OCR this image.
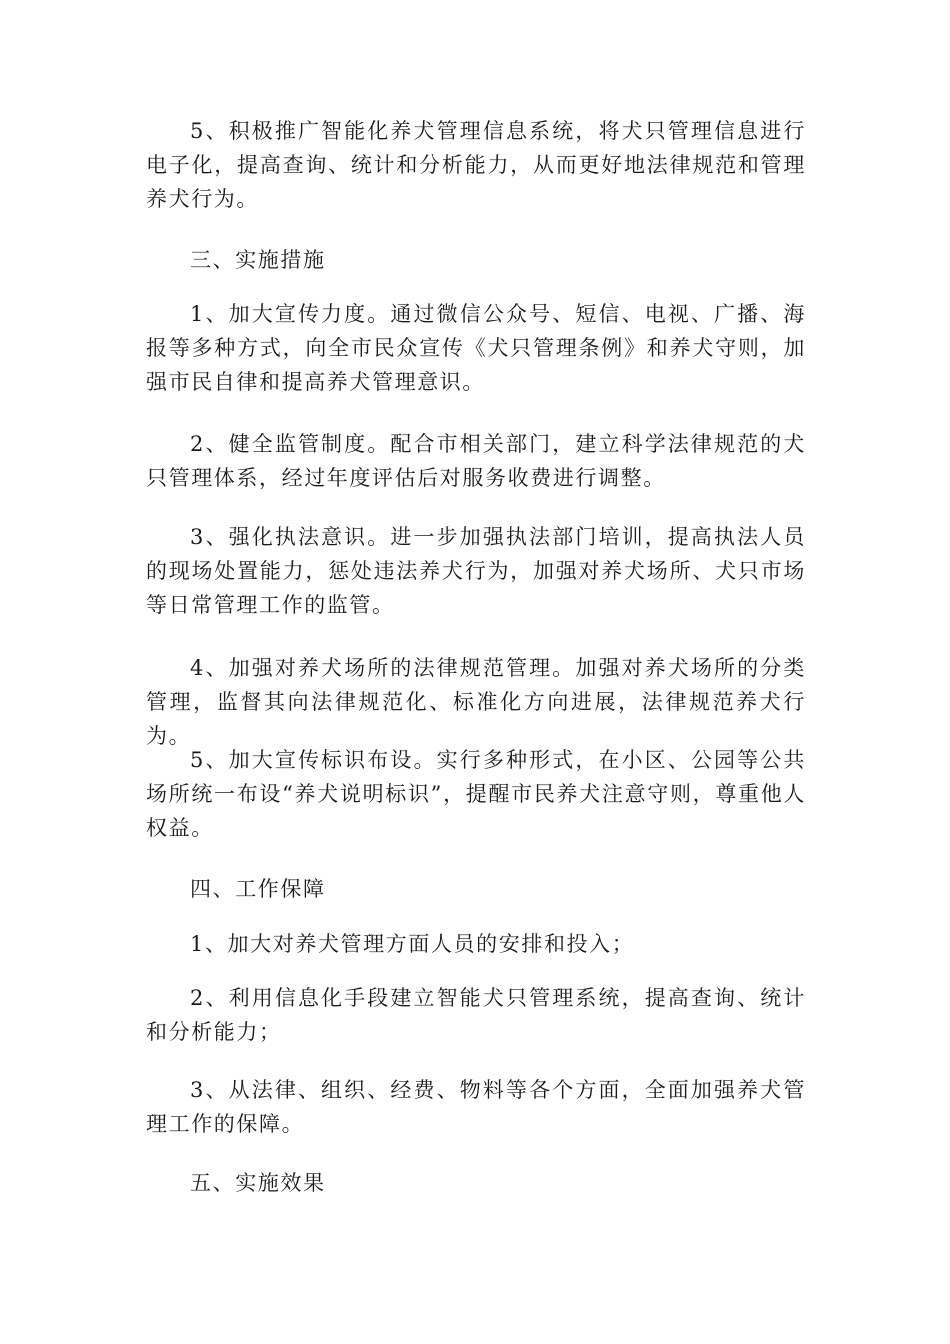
5、积极推广智能化养犬管理信息系统，将犬只管理信息进行电子化，提高查询、统计和分析能力，从而更好地法律规范和管理养犬行为。

三、实施措施

1、加大宣传力度。通过微信公众号、短信、电视、广播、海报等多种方式，向全市民众宣传《犬只管理条例》和养犬守则，加强市民自律和提高养犬管理意识。

2、健全监管制度。配合市相关部门，建立科学法律规范的犬只管理体系，经过年度评估后对服务收费进行调整。

3、强化执法意识。进一步加强执法部门培训，提高执法人员的现场处置能力，惩处违法养犬行为，加强对养犬场所、犬只市场等日常管理工作的监管。

4、加强对养犬场所的法律规范管理。加强对养犬场所的分类管理，监督其向法律规范化、标准化方向进展，法律规范养犬行为。

5、加大宣传标识布设。实行多种形式，在小区、公园等公共场所统一布设“养犬说明标识”，提醒市民养犬注意守则，尊重他人权益。

四、工作保障

1、加大对养犬管理方面人员的安排和投入；

2、利用信息化手段建立智能犬只管理系统，提高查询、统计和分析能力；

3、从法律、组织、经费、物料等各个方面，全面加强养犬管理工作的保障。

五、实施效果
